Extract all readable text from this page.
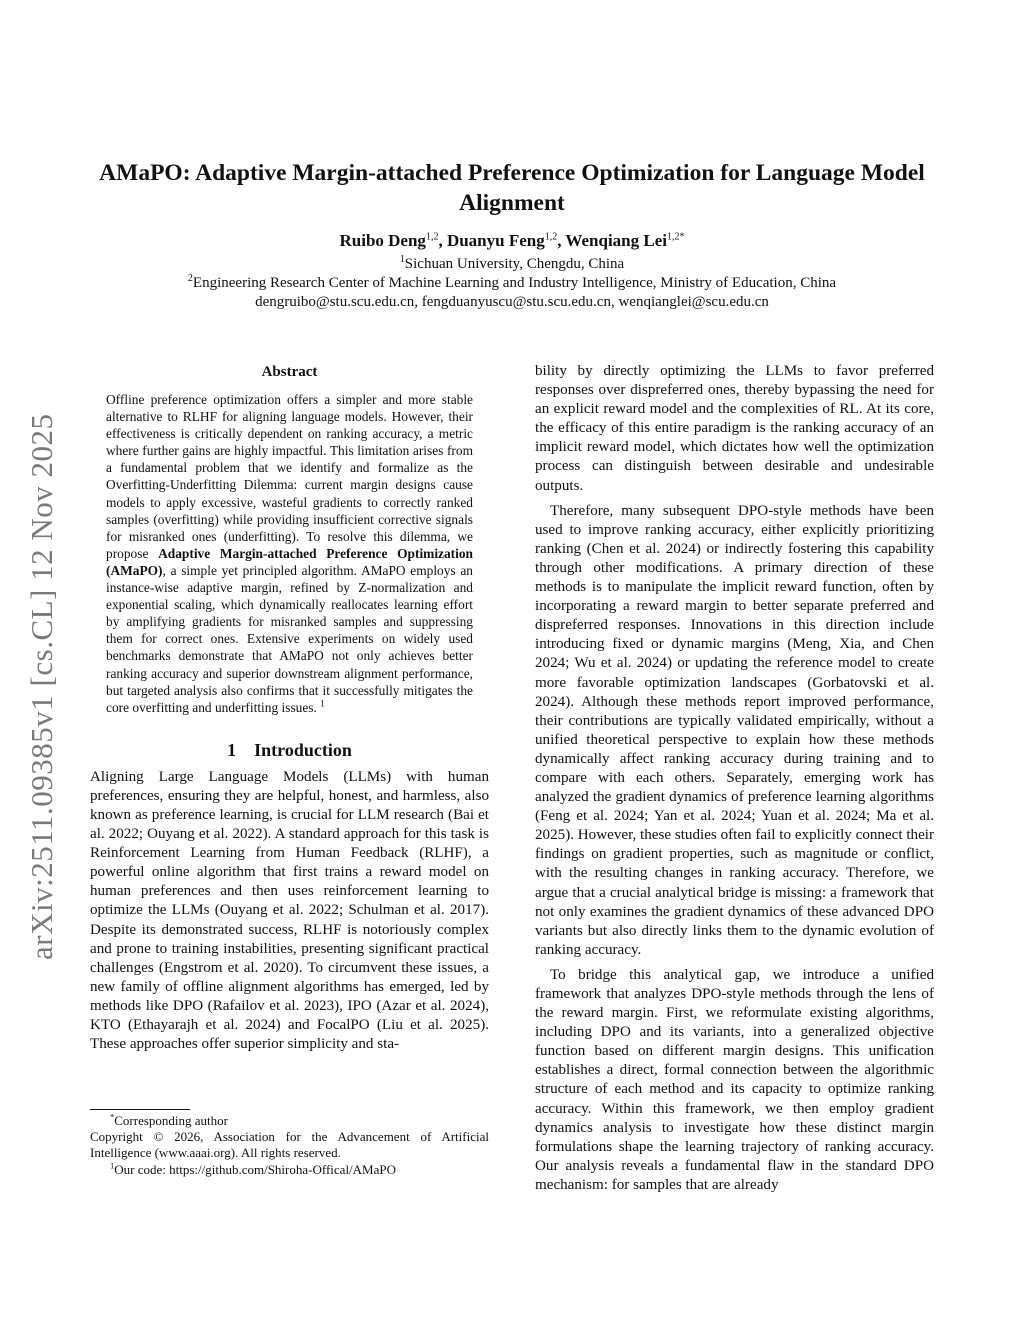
arXiv:2511.09385v1 [cs.CL] 12 Nov 2025
AMaPO: Adaptive Margin-attached Preference Optimization for Language Model Alignment
Ruibo Deng$^{1,2}$, Duanyu Feng$^{1,2}$, Wenqiang Lei$^{1,2*}$
$^1$Sichuan University, Chengdu, China
$^2$Engineering Research Center of Machine Learning and Industry Intelligence, Ministry of Education, China
dengruibo@stu.scu.edu.cn, fengduanyuscu@stu.scu.edu.cn, wenqianglei@scu.edu.cn
Abstract
Offline preference optimization offers a simpler and more stable alternative to RLHF for aligning language models. However, their effectiveness is critically dependent on ranking accuracy, a metric where further gains are highly impactful. This limitation arises from a fundamental problem that we identify and formalize as the Overfitting-Underfitting Dilemma: current margin designs cause models to apply excessive, wasteful gradients to correctly ranked samples (overfitting) while providing insufficient corrective signals for misranked ones (underfitting). To resolve this dilemma, we propose Adaptive Margin-attached Preference Optimization (AMaPO), a simple yet principled algorithm. AMaPO employs an instance-wise adaptive margin, refined by Z-normalization and exponential scaling, which dynamically reallocates learning effort by amplifying gradients for misranked samples and suppressing them for correct ones. Extensive experiments on widely used benchmarks demonstrate that AMaPO not only achieves better ranking accuracy and superior downstream alignment performance, but targeted analysis also confirms that it successfully mitigates the core overfitting and underfitting issues. $^1$
1 Introduction

Aligning Large Language Models (LLMs) with human preferences, ensuring they are helpful, honest, and harmless, also known as preference learning, is crucial for LLM research (Bai et al. 2022; Ouyang et al. 2022). A standard approach for this task is Reinforcement Learning from Human Feedback (RLHF), a powerful online algorithm that first trains a reward model on human preferences and then uses reinforcement learning to optimize the LLMs (Ouyang et al. 2022; Schulman et al. 2017). Despite its demonstrated success, RLHF is notoriously complex and prone to training instabilities, presenting significant practical challenges (Engstrom et al. 2020). To circumvent these issues, a new family of offline alignment algorithms has emerged, led by methods like DPO (Rafailov et al. 2023), IPO (Azar et al. 2024), KTO (Ethayarajh et al. 2024) and FocalPO (Liu et al. 2025). These approaches offer superior simplicity and sta-

*Corresponding author
Copyright © 2026, Association for the Advancement of Artificial Intelligence (www.aaai.org). All rights reserved.
$^1$Our code: https://github.com/Shiroha-Offical/AMaPO

bility by directly optimizing the LLMs to favor preferred responses over dispreferred ones, thereby bypassing the need for an explicit reward model and the complexities of RL. At its core, the efficacy of this entire paradigm is the ranking accuracy of an implicit reward model, which dictates how well the optimization process can distinguish between desirable and undesirable outputs.

Therefore, many subsequent DPO-style methods have been used to improve ranking accuracy, either explicitly prioritizing ranking (Chen et al. 2024) or indirectly fostering this capability through other modifications. A primary direction of these methods is to manipulate the implicit reward function, often by incorporating a reward margin to better separate preferred and dispreferred responses. Innovations in this direction include introducing fixed or dynamic margins (Meng, Xia, and Chen 2024; Wu et al. 2024) or updating the reference model to create more favorable optimization landscapes (Gorbatovski et al. 2024). Although these methods report improved performance, their contributions are typically validated empirically, without a unified theoretical perspective to explain how these methods dynamically affect ranking accuracy during training and to compare with each others. Separately, emerging work has analyzed the gradient dynamics of preference learning algorithms (Feng et al. 2024; Yan et al. 2024; Yuan et al. 2024; Ma et al. 2025). However, these studies often fail to explicitly connect their findings on gradient properties, such as magnitude or conflict, with the resulting changes in ranking accuracy. Therefore, we argue that a crucial analytical bridge is missing: a framework that not only examines the gradient dynamics of these advanced DPO variants but also directly links them to the dynamic evolution of ranking accuracy.

To bridge this analytical gap, we introduce a unified framework that analyzes DPO-style methods through the lens of the reward margin. First, we reformulate existing algorithms, including DPO and its variants, into a generalized objective function based on different margin designs. This unification establishes a direct, formal connection between the algorithmic structure of each method and its capacity to optimize ranking accuracy. Within this framework, we then employ gradient dynamics analysis to investigate how these distinct margin formulations shape the learning trajectory of ranking accuracy. Our analysis reveals a fundamental flaw in the standard DPO mechanism: for samples that are already
